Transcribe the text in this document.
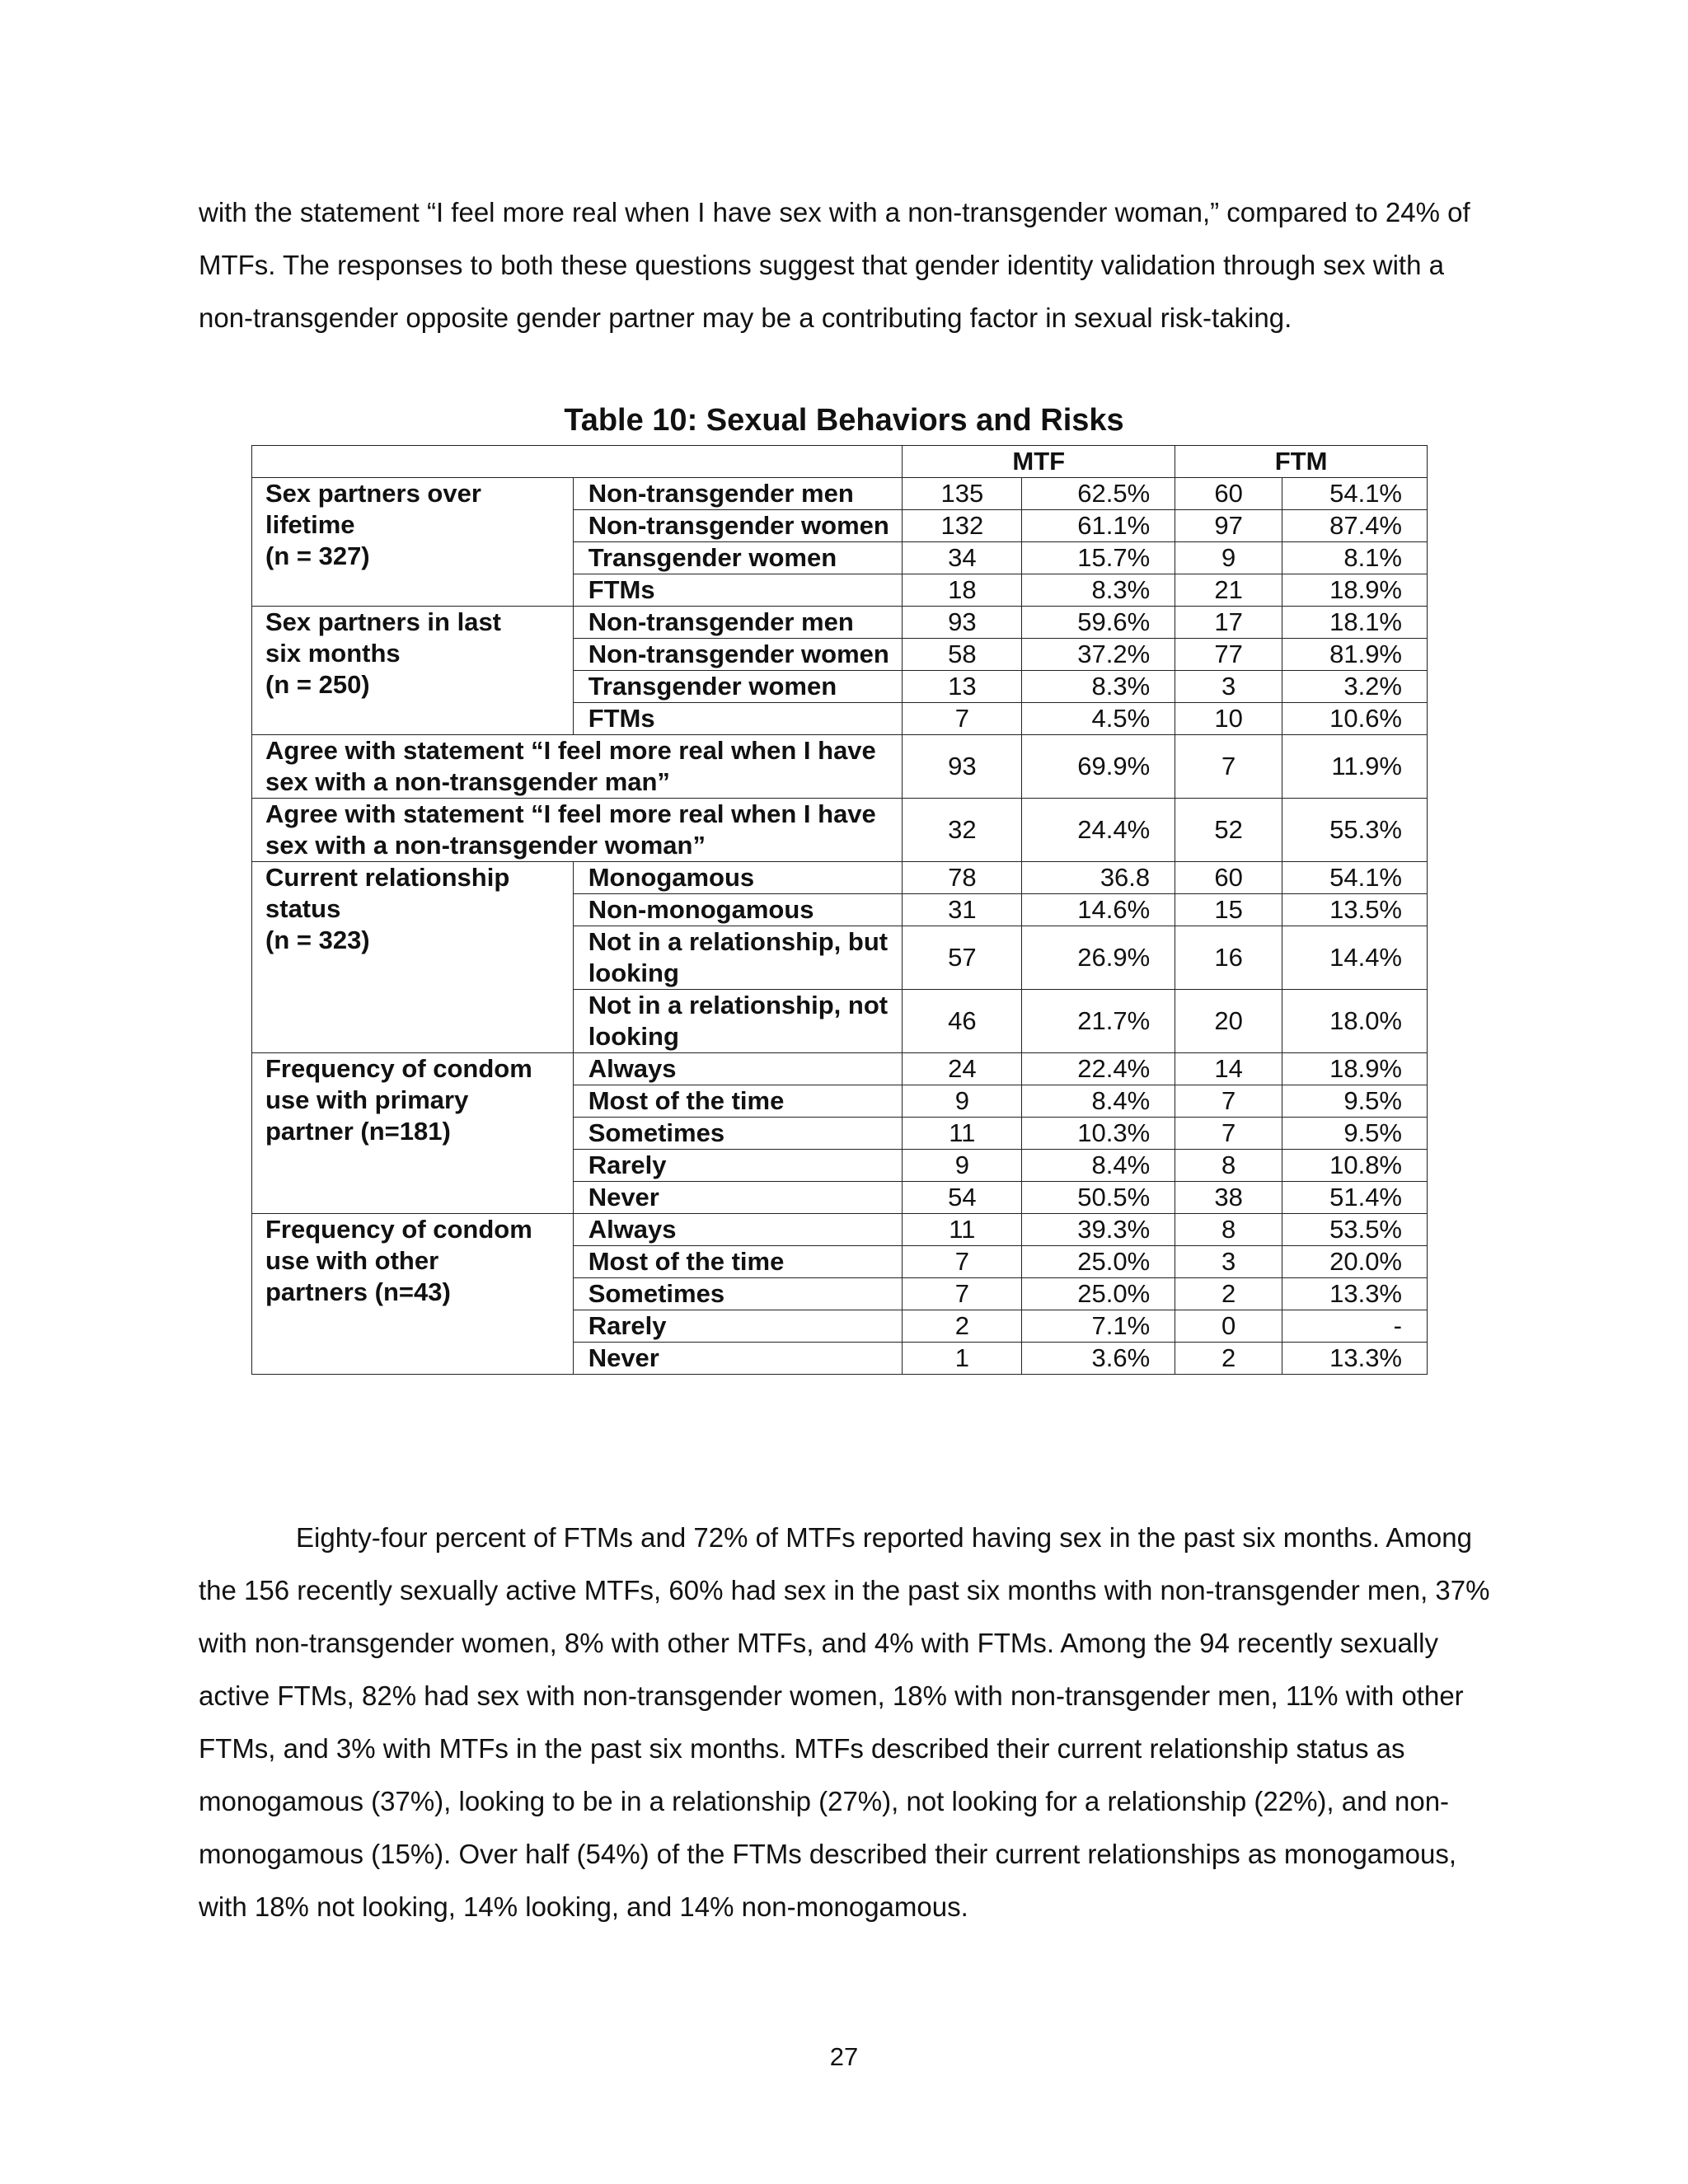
with the statement “I feel more real when I have sex with a non-transgender woman,” compared to 24% of MTFs. The responses to both these questions suggest that gender identity validation through sex with a non-transgender opposite gender partner may be a contributing factor in sexual risk-taking.

Table 10: Sexual Behaviors and Risks
		MTF		FTM	

Sex partners over
lifetime
(n = 327)	Non-transgender men	135	62.5%	60	54.1%
	Non-transgender women	132	61.1%	97	87.4%
	Transgender women	34	15.7%	9	8.1%
	FTMs	18	8.3%	21	18.9%

Sex partners in last
six months
(n = 250)	Non-transgender men	93	59.6%	17	18.1%
	Non-transgender women	58	37.2%	77	81.9%
	Transgender women	13	8.3%	3	3.2%
	FTMs	7	4.5%	10	10.6%
Agree with statement “I feel more real when I have sex with a non-transgender man”		93	69.9%	7	11.9%
Agree with statement “I feel more real when I have sex with a non-transgender woman”		32	24.4%	52	55.3%

Current relationship
status
(n = 323)	Monogamous	78	36.8	60	54.1%
	Non-monogamous	31	14.6%	15	13.5%
	Not in a relationship, but looking	57	26.9%	16	14.4%
	Not in a relationship, not looking	46	21.7%	20	18.0%

Frequency of condom
use with primary
partner (n=181)	Always	24	22.4%	14	18.9%
	Most of the time	9	8.4%	7	9.5%
	Sometimes	11	10.3%	7	9.5%
	Rarely	9	8.4%	8	10.8%
	Never	54	50.5%	38	51.4%

Frequency of condom
use with other
partners (n=43)	Always	11	39.3%	8	53.5%
	Most of the time	7	25.0%	3	20.0%
	Sometimes	7	25.0%	2	13.3%
	Rarely	2	7.1%	0	-
	Never	1	3.6%	2	13.3%

Eighty-four percent of FTMs and 72% of MTFs reported having sex in the past six months. Among the 156 recently sexually active MTFs, 60% had sex in the past six months with non-transgender men, 37% with non-transgender women, 8% with other MTFs, and 4% with FTMs. Among the 94 recently sexually active FTMs, 82% had sex with non-transgender women, 18% with non-transgender men, 11% with other FTMs, and 3% with MTFs in the past six months. MTFs described their current relationship status as monogamous (37%), looking to be in a relationship (27%), not looking for a relationship (22%), and non-monogamous (15%). Over half (54%) of the FTMs described their current relationships as monogamous, with 18% not looking, 14% looking, and 14% non-monogamous.

27
